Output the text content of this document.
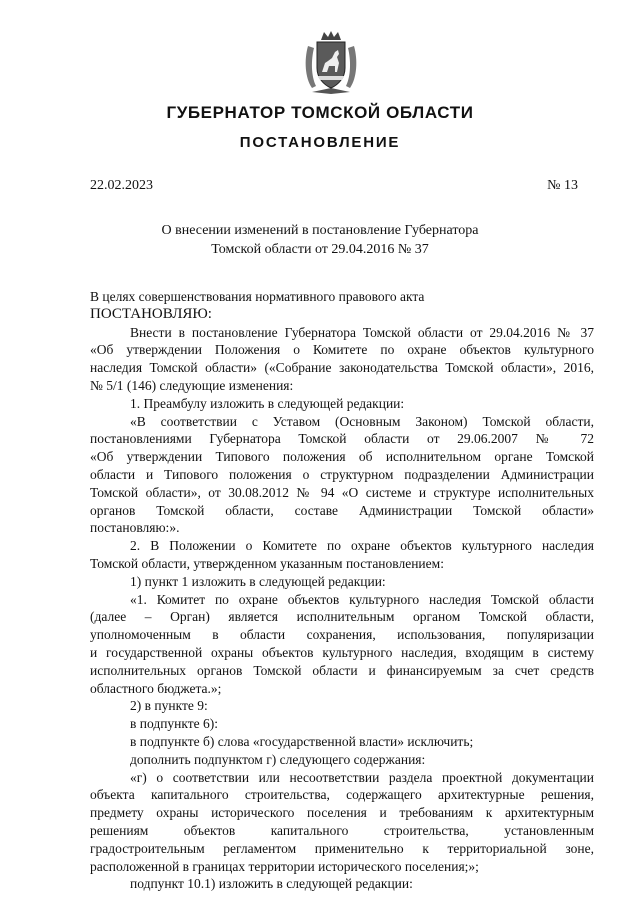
ГУБЕРНАТОР ТОМСКОЙ ОБЛАСТИ
ПОСТАНОВЛЕНИЕ
22.02.2023	№ 13
О внесении изменений в постановление Губернатора
Томской области от 29.04.2016 № 37

В целях совершенствования нормативного правового акта

ПОСТАНОВЛЯЮ:

Внести в постановление Губернатора Томской области от 29.04.2016 № 37

«Об утверждении Положения о Комитете по охране объектов культурного

наследия Томской области» («Собрание законодательства Томской области», 2016,

№ 5/1 (146) следующие изменения:

1. Преамбулу изложить в следующей редакции:

«В соответствии с Уставом (Основным Законом) Томской области,

постановлениями Губернатора Томской области от 29.06.2007 № 72

«Об утверждении Типового положения об исполнительном органе Томской

области и Типового положения о структурном подразделении Администрации

Томской области», от 30.08.2012 № 94 «О системе и структуре исполнительных

органов Томской области, составе Администрации Томской области»

постановляю:».

2. В Положении о Комитете по охране объектов культурного наследия

Томской области, утвержденном указанным постановлением:

1) пункт 1 изложить в следующей редакции:

«1. Комитет по охране объектов культурного наследия Томской области

(далее – Орган) является исполнительным органом Томской области,

уполномоченным в области сохранения, использования, популяризации

и государственной охраны объектов культурного наследия, входящим в систему

исполнительных органов Томской области и финансируемым за счет средств

областного бюджета.»;

2) в пункте 9:

в подпункте 6):

в подпункте б) слова «государственной власти» исключить;

дополнить подпунктом г) следующего содержания:

«г) о соответствии или несоответствии раздела проектной документации

объекта капитального строительства, содержащего архитектурные решения,

предмету охраны исторического поселения и требованиям к архитектурным

решениям объектов капитального строительства, установленным

градостроительным регламентом применительно к территориальной зоне,

расположенной в границах территории исторического поселения;»;

подпункт 10.1) изложить в следующей редакции:
